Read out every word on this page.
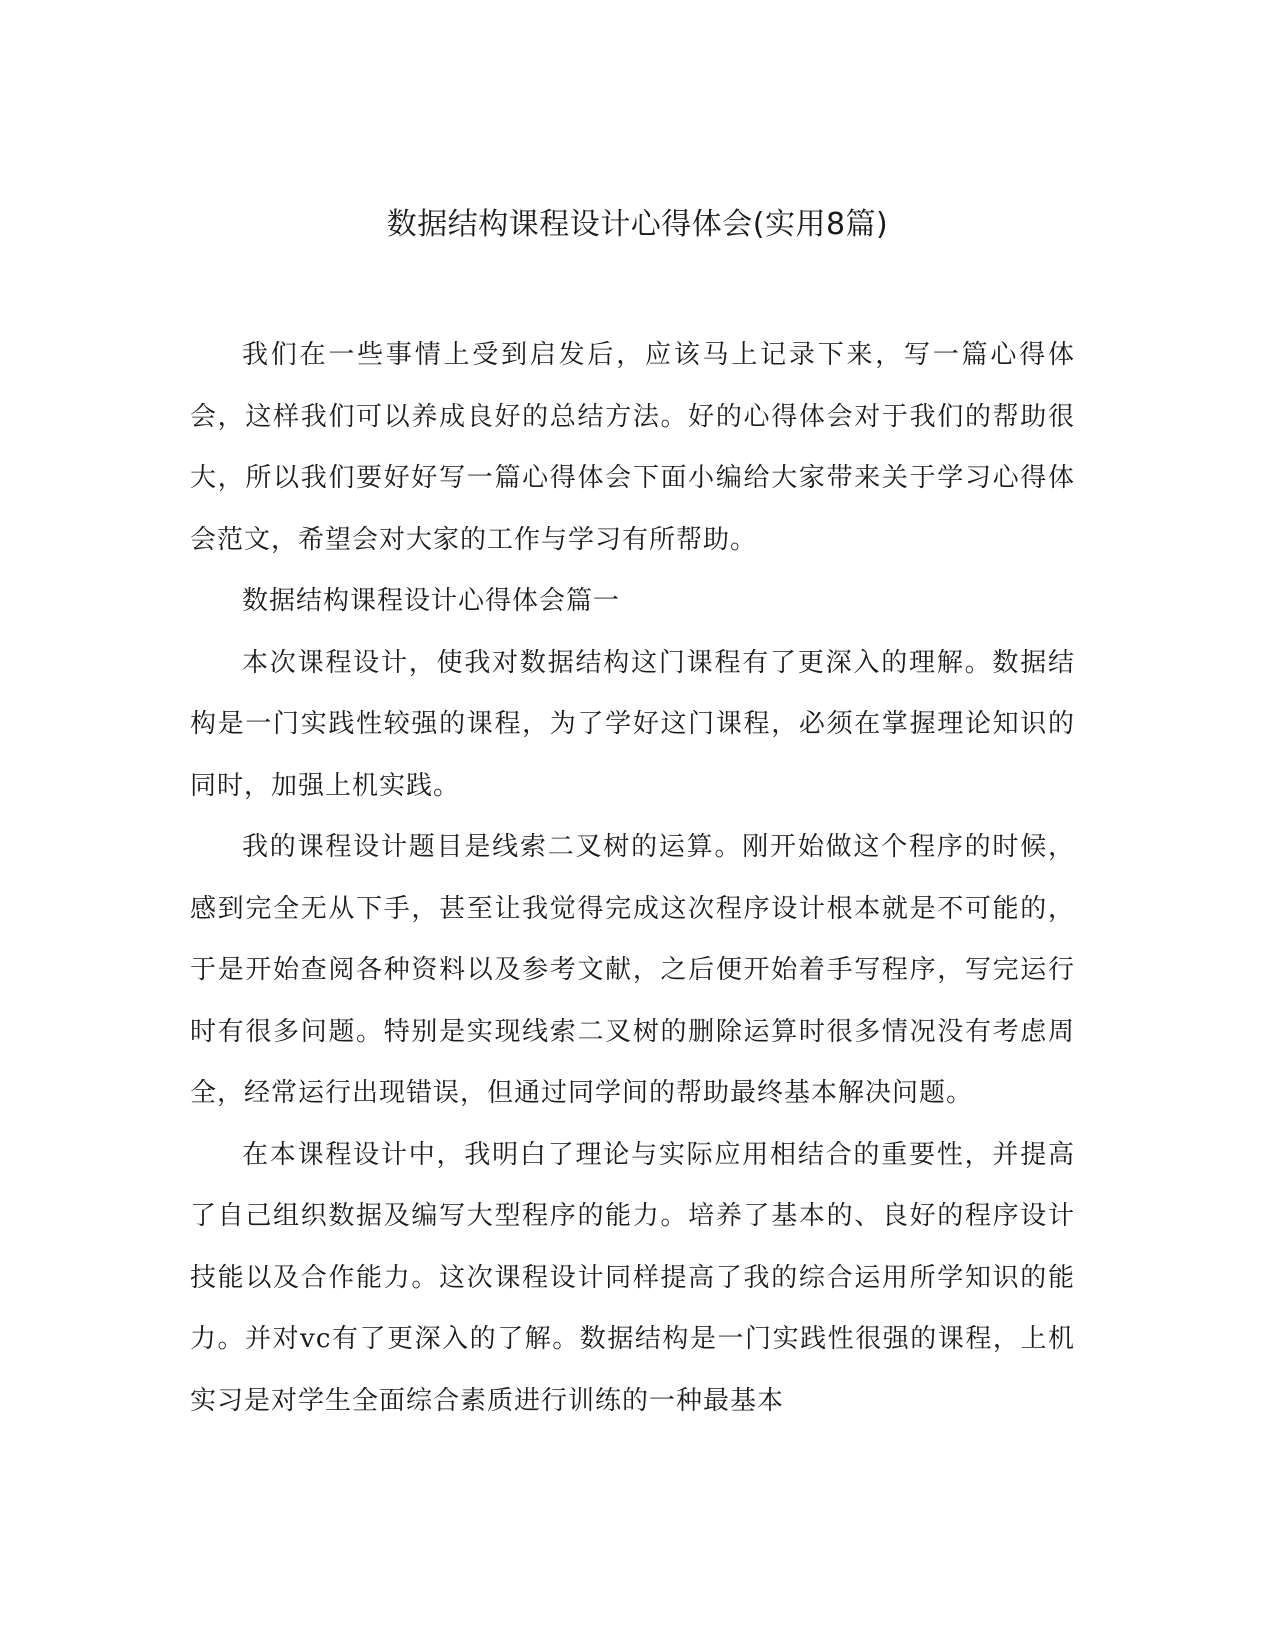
数据结构课程设计心得体会(实用8篇)

我们在一些事情上受到启发后，应该马上记录下来，写一篇心得体会，这样我们可以养成良好的总结方法。好的心得体会对于我们的帮助很大，所以我们要好好写一篇心得体会下面小编给大家带来关于学习心得体会范文，希望会对大家的工作与学习有所帮助。

数据结构课程设计心得体会篇一

本次课程设计，使我对数据结构这门课程有了更深入的理解。数据结构是一门实践性较强的课程，为了学好这门课程，必须在掌握理论知识的同时，加强上机实践。

我的课程设计题目是线索二叉树的运算。刚开始做这个程序的时候，感到完全无从下手，甚至让我觉得完成这次程序设计根本就是不可能的，于是开始查阅各种资料以及参考文献，之后便开始着手写程序，写完运行时有很多问题。特别是实现线索二叉树的删除运算时很多情况没有考虑周全，经常运行出现错误，但通过同学间的帮助最终基本解决问题。

在本课程设计中，我明白了理论与实际应用相结合的重要性，并提高了自己组织数据及编写大型程序的能力。培养了基本的、良好的程序设计技能以及合作能力。这次课程设计同样提高了我的综合运用所学知识的能力。并对vc有了更深入的了解。数据结构是一门实践性很强的课程，上机实习是对学生全面综合素质进行训练的一种最基本
